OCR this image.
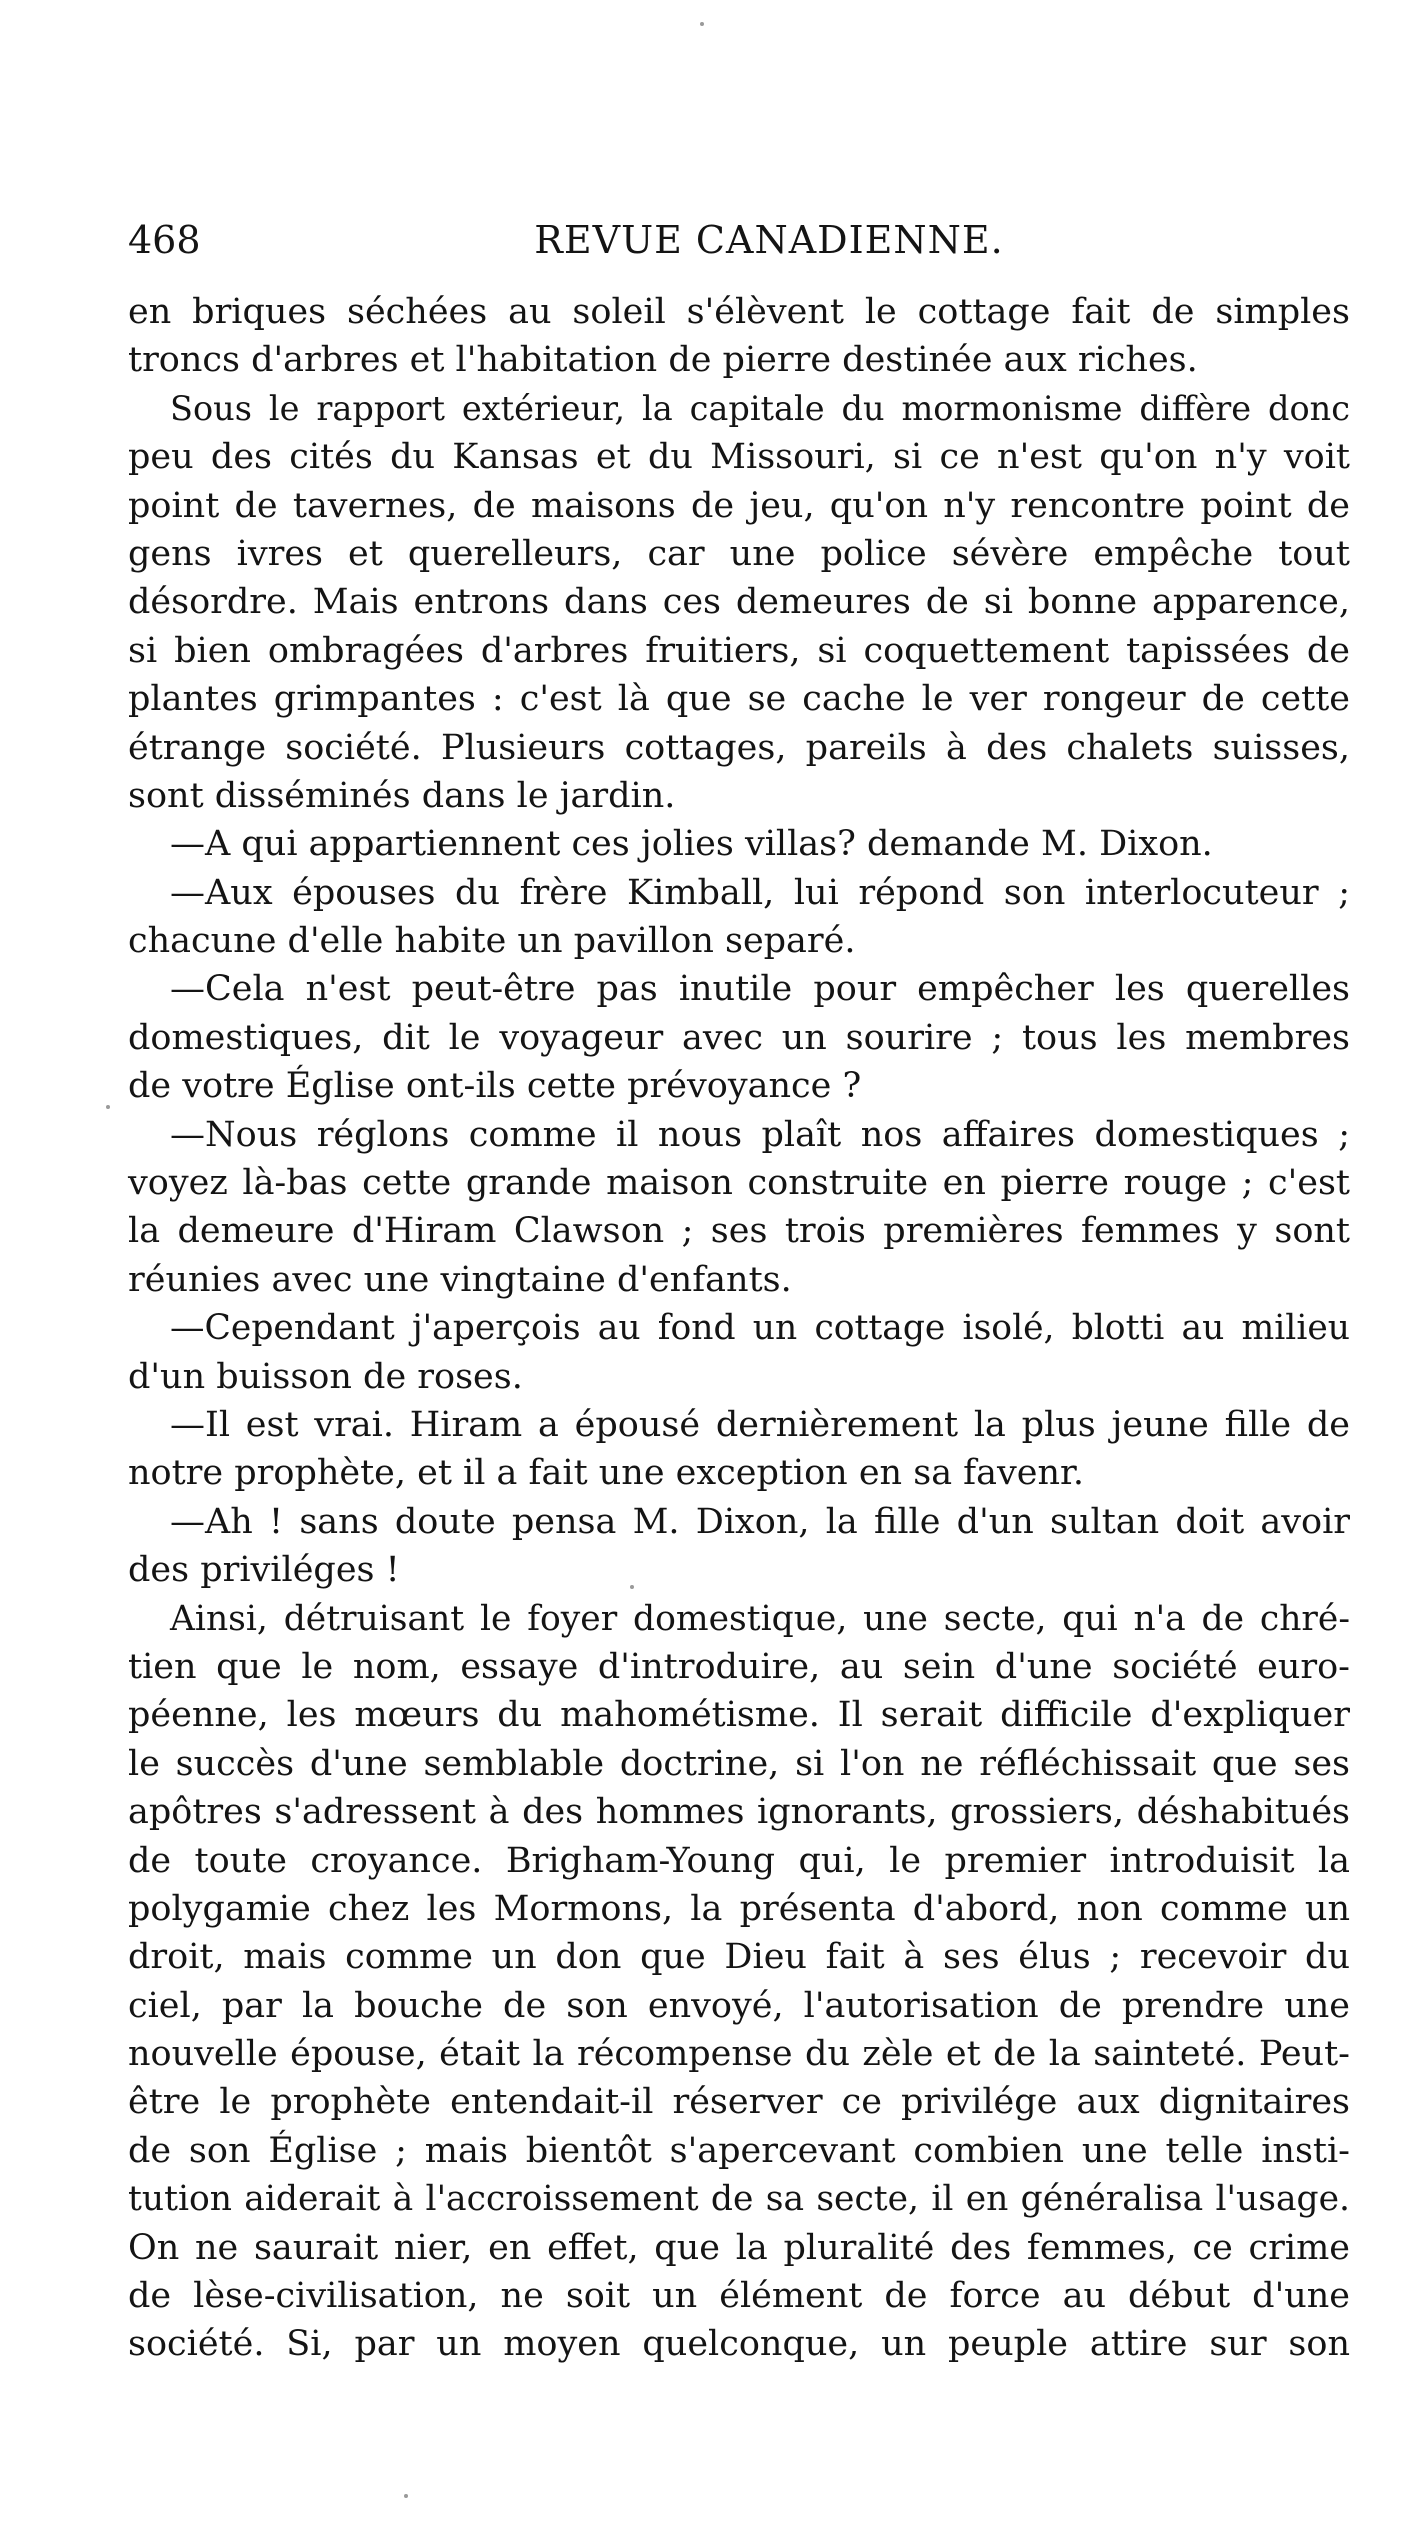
468	REVUE CANADIENNE.
en briques séchées au soleil s'élèvent le cottage fait de simples
troncs d'arbres et l'habitation de pierre destinée aux riches.
Sous le rapport extérieur, la capitale du mormonisme diffère donc
peu des cités du Kansas et du Missouri, si ce n'est qu'on n'y voit
point de tavernes, de maisons de jeu, qu'on n'y rencontre point de
gens ivres et querelleurs, car une police sévère empêche tout
désordre. Mais entrons dans ces demeures de si bonne apparence,
si bien ombragées d'arbres fruitiers, si coquettement tapissées de
plantes grimpantes : c'est là que se cache le ver rongeur de cette
étrange société. Plusieurs cottages, pareils à des chalets suisses,
sont disséminés dans le jardin.
—A qui appartiennent ces jolies villas? demande M. Dixon.
—Aux épouses du frère Kimball, lui répond son interlocuteur ;
chacune d'elle habite un pavillon separé.
—Cela n'est peut-être pas inutile pour empêcher les querelles
domestiques, dit le voyageur avec un sourire ; tous les membres
de votre Église ont-ils cette prévoyance ?
—Nous réglons comme il nous plaît nos affaires domestiques ;
voyez là-bas cette grande maison construite en pierre rouge ; c'est
la demeure d'Hiram Clawson ; ses trois premières femmes y sont
réunies avec une vingtaine d'enfants.
—Cependant j'aperçois au fond un cottage isolé, blotti au milieu
d'un buisson de roses.
—Il est vrai. Hiram a épousé dernièrement la plus jeune fille de
notre prophète, et il a fait une exception en sa favenr.
—Ah ! sans doute pensa M. Dixon, la fille d'un sultan doit avoir
des priviléges !
Ainsi, détruisant le foyer domestique, une secte, qui n'a de chré-
tien que le nom, essaye d'introduire, au sein d'une société euro-
péenne, les mœurs du mahométisme. Il serait difficile d'expliquer
le succès d'une semblable doctrine, si l'on ne réfléchissait que ses
apôtres s'adressent à des hommes ignorants, grossiers, déshabitués
de toute croyance. Brigham-Young qui, le premier introduisit la
polygamie chez les Mormons, la présenta d'abord, non comme un
droit, mais comme un don que Dieu fait à ses élus ; recevoir du
ciel, par la bouche de son envoyé, l'autorisation de prendre une
nouvelle épouse, était la récompense du zèle et de la sainteté. Peut-
être le prophète entendait-il réserver ce privilége aux dignitaires
de son Église ; mais bientôt s'apercevant combien une telle insti-
tution aiderait à l'accroissement de sa secte, il en généralisa l'usage.
On ne saurait nier, en effet, que la pluralité des femmes, ce crime
de lèse-civilisation, ne soit un élément de force au début d'une
société. Si, par un moyen quelconque, un peuple attire sur son
